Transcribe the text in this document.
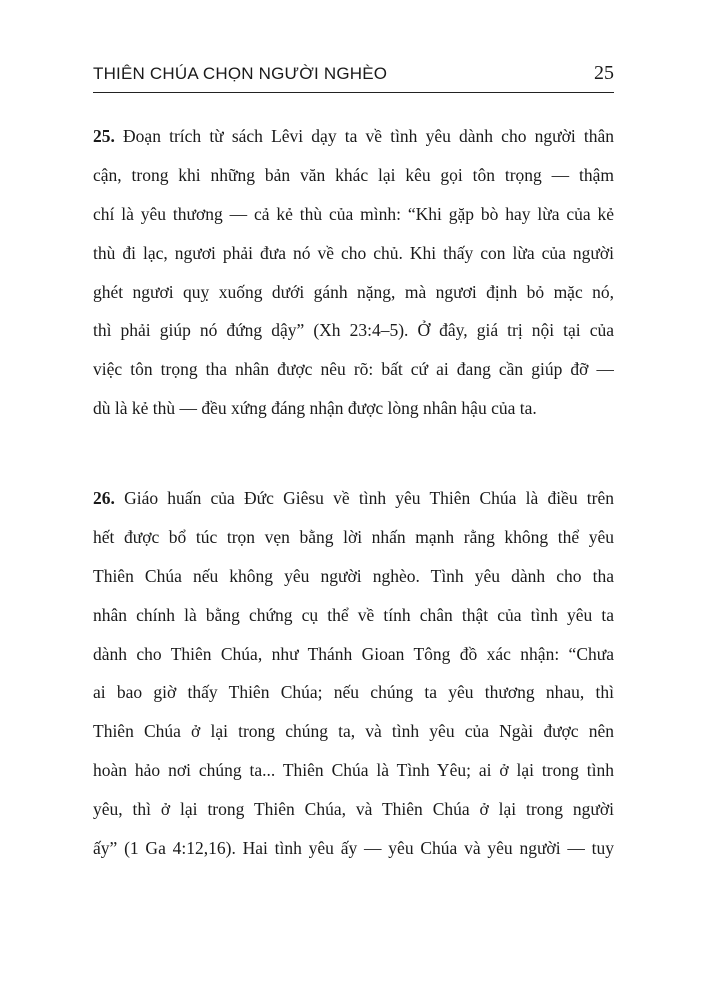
THIÊN CHÚA CHỌN NGƯỜI NGHÈO	25
25. Đoạn trích từ sách Lêvi dạy ta về tình yêu dành cho người thân
cận, trong khi những bản văn khác lại kêu gọi tôn trọng — thậm
chí là yêu thương — cả kẻ thù của mình: “Khi gặp bò hay lừa của kẻ
thù đi lạc, ngươi phải đưa nó về cho chủ. Khi thấy con lừa của người
ghét ngươi quỵ xuống dưới gánh nặng, mà ngươi định bỏ mặc nó,
thì phải giúp nó đứng dậy” (Xh 23:4–5). Ở đây, giá trị nội tại của
việc tôn trọng tha nhân được nêu rõ: bất cứ ai đang cần giúp đỡ —
dù là kẻ thù — đều xứng đáng nhận được lòng nhân hậu của ta.
26. Giáo huấn của Đức Giêsu về tình yêu Thiên Chúa là điều trên
hết được bổ túc trọn vẹn bằng lời nhấn mạnh rằng không thể yêu
Thiên Chúa nếu không yêu người nghèo. Tình yêu dành cho tha
nhân chính là bằng chứng cụ thể về tính chân thật của tình yêu ta
dành cho Thiên Chúa, như Thánh Gioan Tông đồ xác nhận: “Chưa
ai bao giờ thấy Thiên Chúa; nếu chúng ta yêu thương nhau, thì
Thiên Chúa ở lại trong chúng ta, và tình yêu của Ngài được nên
hoàn hảo nơi chúng ta... Thiên Chúa là Tình Yêu; ai ở lại trong tình
yêu, thì ở lại trong Thiên Chúa, và Thiên Chúa ở lại trong người
ấy” (1 Ga 4:12,16). Hai tình yêu ấy — yêu Chúa và yêu người — tuy
